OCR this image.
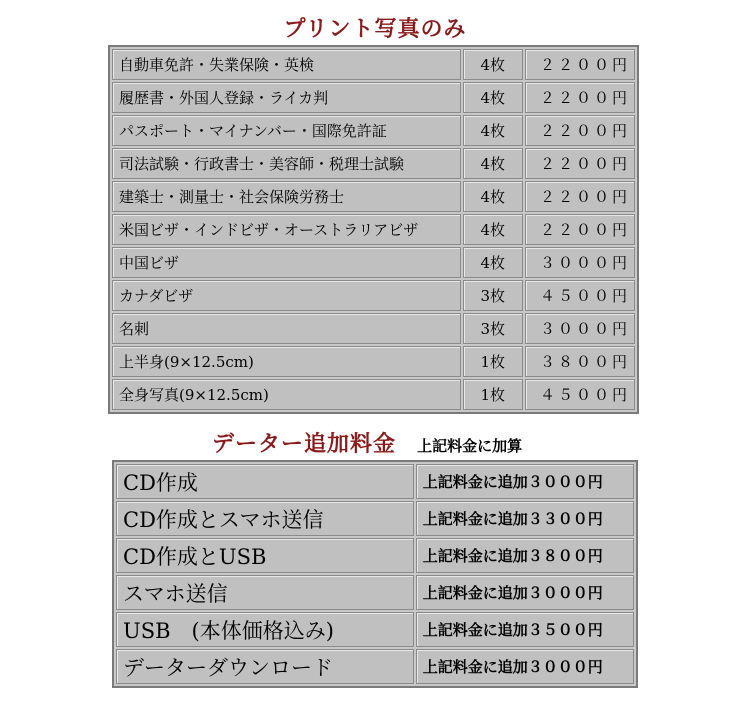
プリント写真のみ
自動車免許・失業保険・英検	4枚	２２００円
履歴書・外国人登録・ライカ判	4枚	２２００円
パスポート・マイナンバー・国際免許証	4枚	２２００円
司法試験・行政書士・美容師・税理士試験	4枚	２２００円
建築士・測量士・社会保険労務士	4枚	２２００円
米国ビザ・インドビザ・オーストラリアビザ	4枚	２２００円
中国ビザ	4枚	３０００円
カナダビザ	3枚	４５００円
名刺	3枚	３０００円
上半身(9×12.5cm)	1枚	３８００円
全身写真(9×12.5cm)	1枚	４５００円
データー追加料金 上記料金に加算
CD作成	上記料金に追加３０００円
CD作成とスマホ送信	上記料金に追加３３００円
CD作成とUSB	上記料金に追加３８００円
スマホ送信	上記料金に追加３０００円
USB　(本体価格込み)	上記料金に追加３５００円
データーダウンロード	上記料金に追加３０００円
